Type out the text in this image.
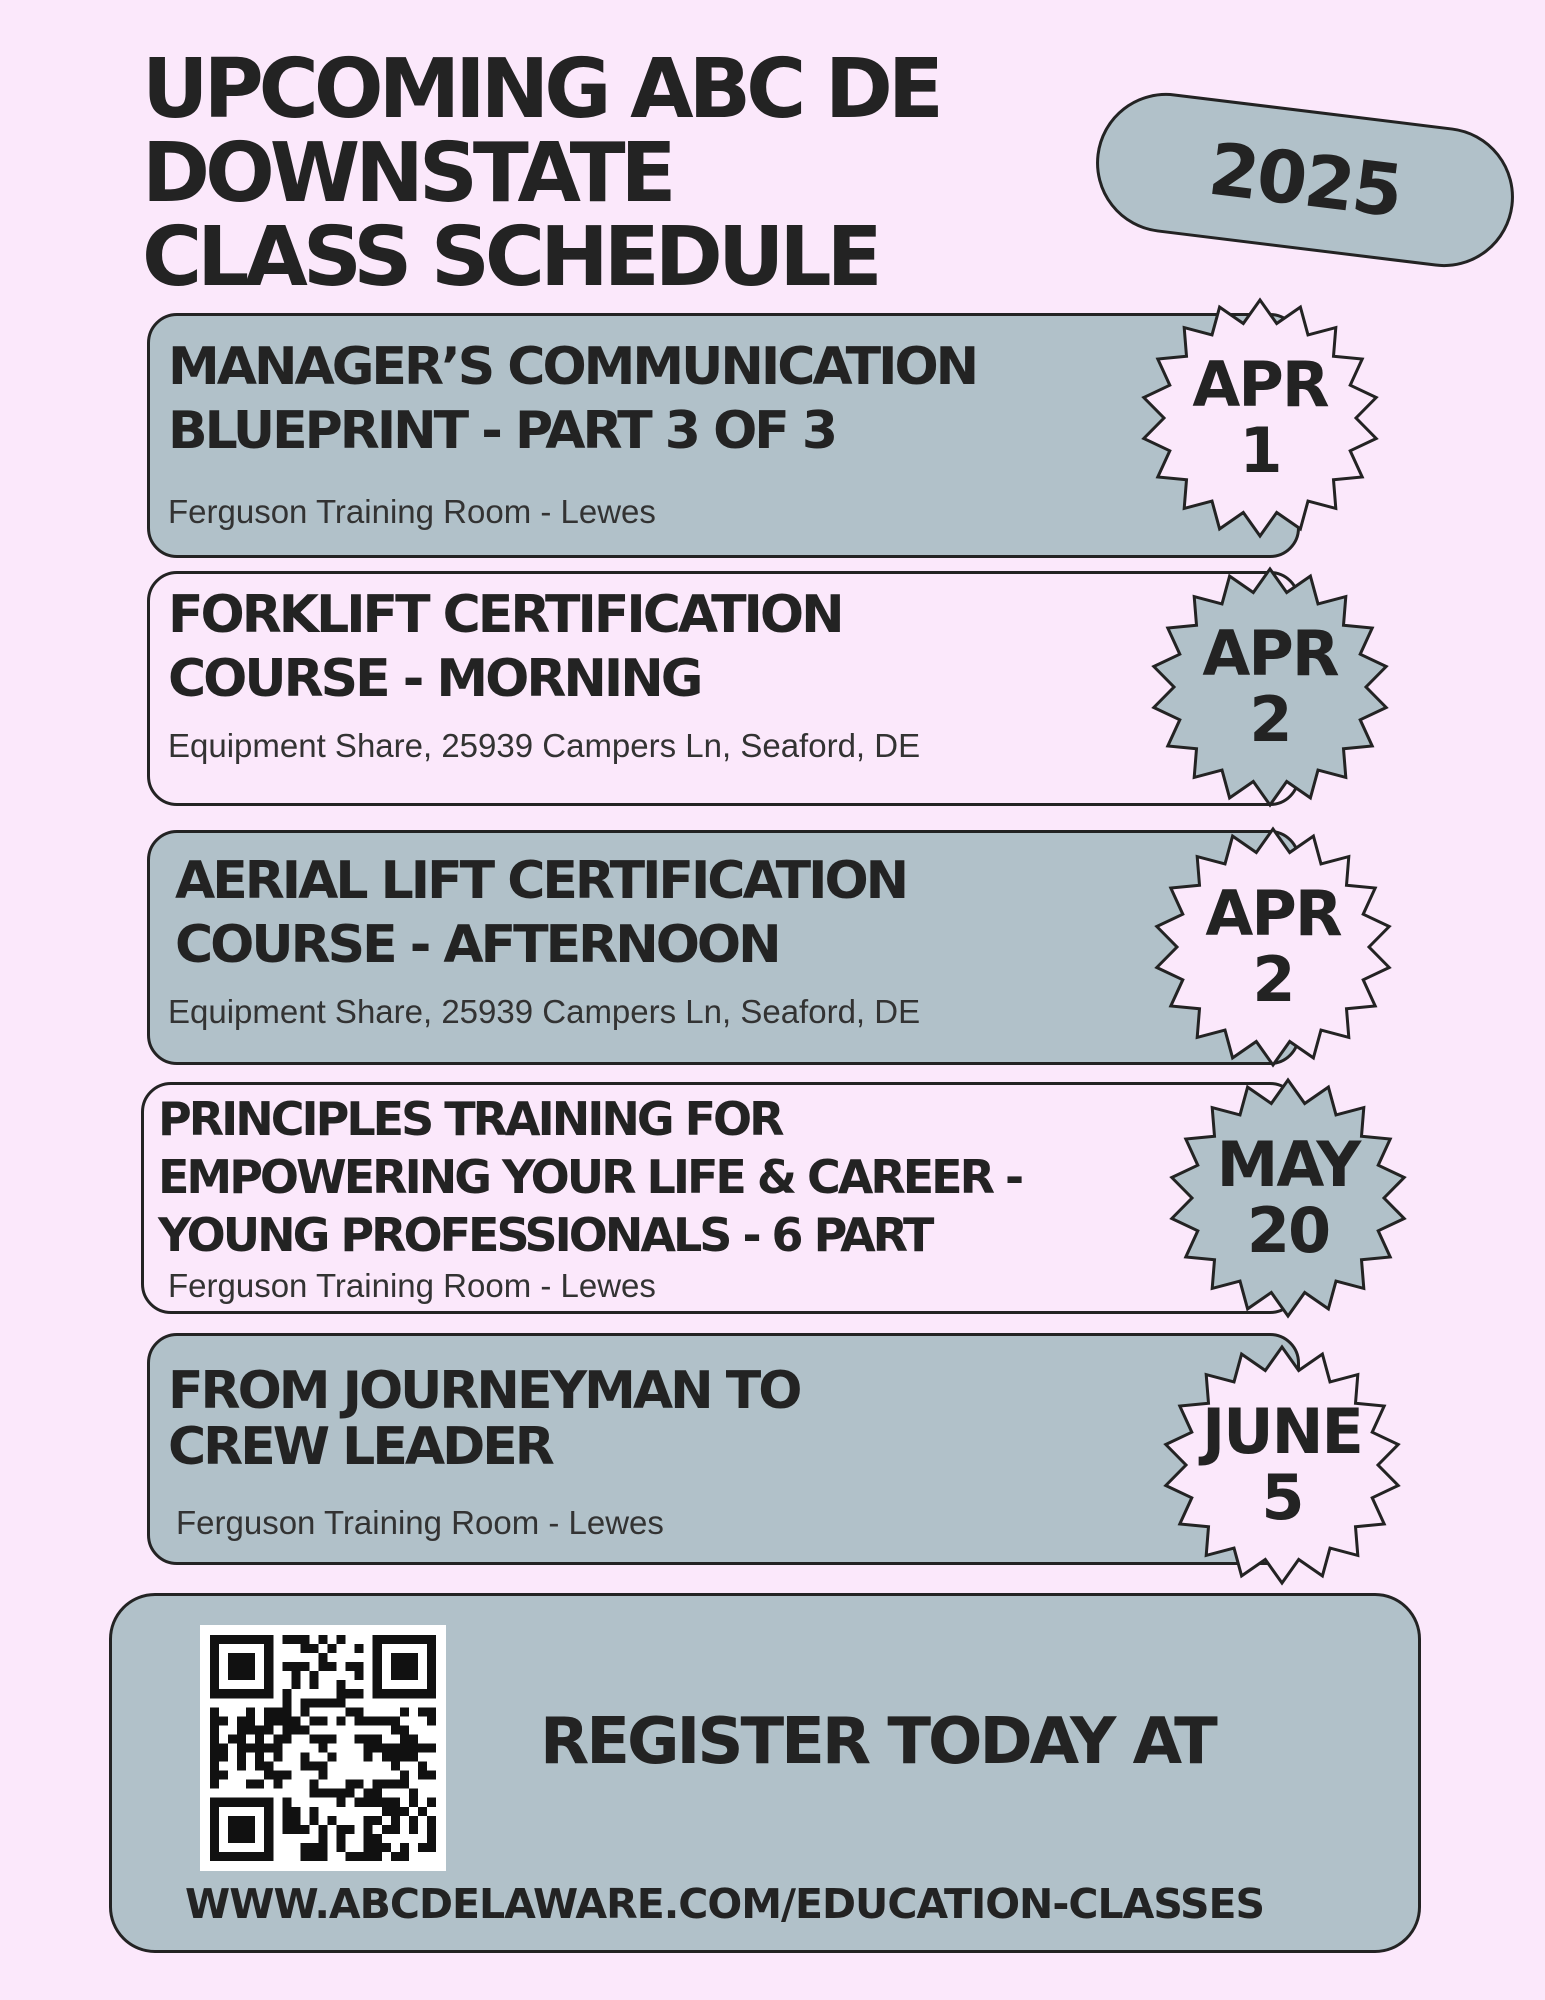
UPCOMING ABC DE
DOWNSTATE
CLASS SCHEDULE
2025
MANAGER’S COMMUNICATION
BLUEPRINT - PART 3 OF 3

Ferguson Training Room - Lewes

APR
1
FORKLIFT CERTIFICATION
COURSE - MORNING

Equipment Share, 25939 Campers Ln, Seaford, DE

APR
2
AERIAL LIFT CERTIFICATION
COURSE - AFTERNOON

Equipment Share, 25939 Campers Ln, Seaford, DE

APR
2
PRINCIPLES TRAINING FOR
EMPOWERING YOUR LIFE & CAREER -
YOUNG PROFESSIONALS - 6 PART

Ferguson Training Room - Lewes

MAY
20
FROM JOURNEYMAN TO
CREW LEADER

Ferguson Training Room - Lewes

JUNE
5

REGISTER TODAY AT

WWW.ABCDELAWARE.COM/EDUCATION-CLASSES
